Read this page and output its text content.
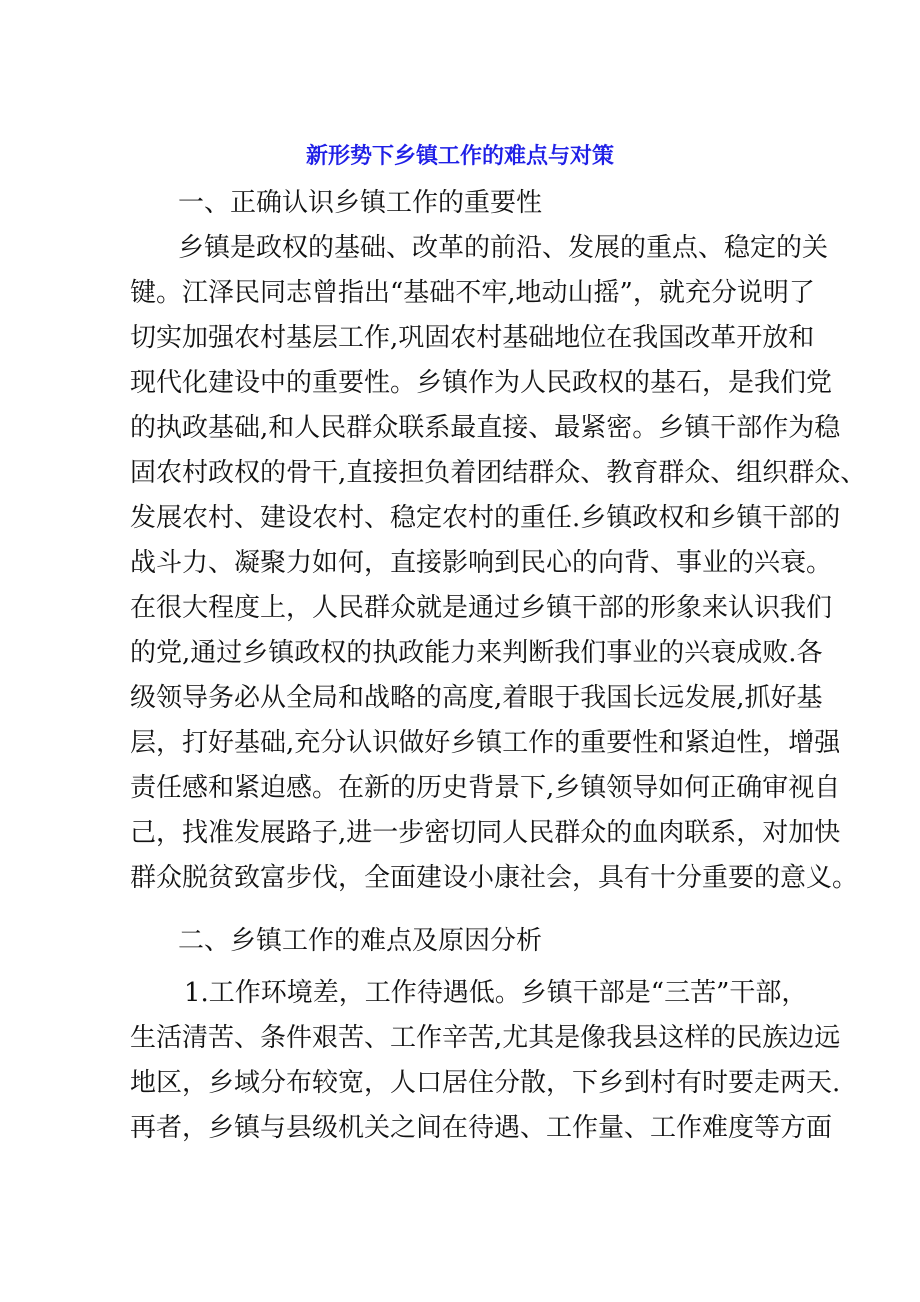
新形势下乡镇工作的难点与对策
一、正确认识乡镇工作的重要性
乡镇是政权的基础、改革的前沿、发展的重点、稳定的关
键。江泽民同志曾指出“基础不牢,地动山摇”，就充分说明了
切实加强农村基层工作,巩固农村基础地位在我国改革开放和
现代化建设中的重要性。乡镇作为人民政权的基石，是我们党
的执政基础,和人民群众联系最直接、最紧密。乡镇干部作为稳
固农村政权的骨干,直接担负着团结群众、教育群众、组织群众、
发展农村、建设农村、稳定农村的重任.乡镇政权和乡镇干部的
战斗力、凝聚力如何，直接影响到民心的向背、事业的兴衰。
在很大程度上，人民群众就是通过乡镇干部的形象来认识我们
的党,通过乡镇政权的执政能力来判断我们事业的兴衰成败.各
级领导务必从全局和战略的高度,着眼于我国长远发展,抓好基
层，打好基础,充分认识做好乡镇工作的重要性和紧迫性，增强
责任感和紧迫感。在新的历史背景下,乡镇领导如何正确审视自
己，找准发展路子,进一步密切同人民群众的血肉联系，对加快
群众脱贫致富步伐，全面建设小康社会，具有十分重要的意义。
二、乡镇工作的难点及原因分析
1.工作环境差，工作待遇低。乡镇干部是“三苦”干部，
生活清苦、条件艰苦、工作辛苦,尤其是像我县这样的民族边远
地区，乡域分布较宽，人口居住分散，下乡到村有时要走两天.
再者，乡镇与县级机关之间在待遇、工作量、工作难度等方面
